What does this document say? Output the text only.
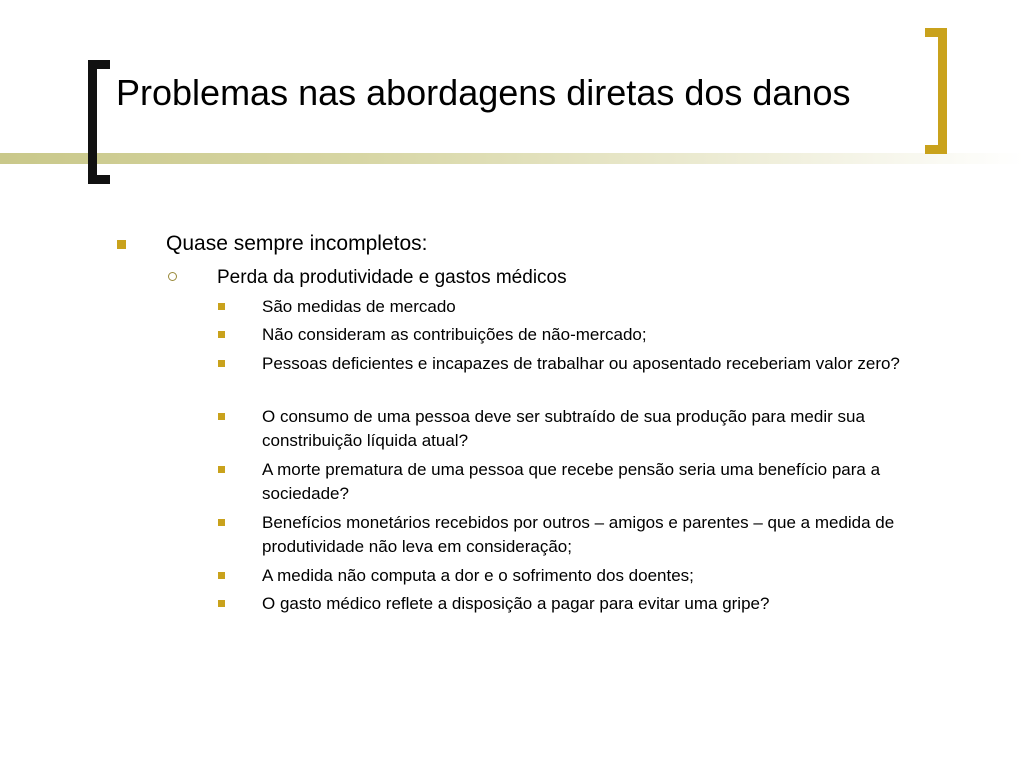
Problemas nas abordagens diretas dos danos
Quase sempre incompletos:
Perda da produtividade e gastos médicos
São medidas de mercado
Não consideram as contribuições de não-mercado;
Pessoas deficientes e incapazes de trabalhar ou aposentado receberiam valor zero?
O consumo de uma pessoa deve ser subtraído de sua produção para medir sua constribuição líquida atual?
A morte prematura de uma pessoa que recebe pensão seria uma benefício para a sociedade?
Benefícios monetários recebidos por outros – amigos e parentes – que a medida de produtividade não leva em consideração;
A medida não computa a dor e o sofrimento dos doentes;
O gasto médico reflete a disposição a pagar para evitar uma gripe?
